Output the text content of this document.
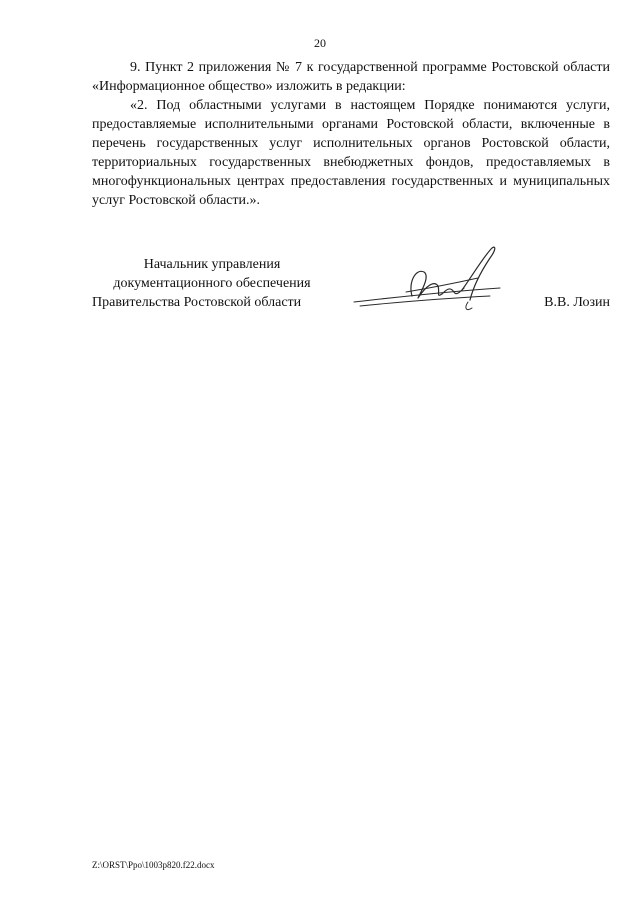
20

9. Пункт 2 приложения № 7 к государственной программе Ростовской области «Информационное общество» изложить в редакции:

«2. Под областными услугами в настоящем Порядке понимаются услуги, предоставляемые исполнительными органами Ростовской области, включенные в перечень государственных услуг исполнительных органов Ростовской области, территориальных государственных внебюджетных фондов, предоставляемых в многофункциональных центрах предоставления государственных и муниципальных услуг Ростовской области.».

Начальник управления
документационного обеспечения
Правительства Ростовской области	В.В. Лозин
Z:\ORST\Ppo\1003p820.f22.docx
